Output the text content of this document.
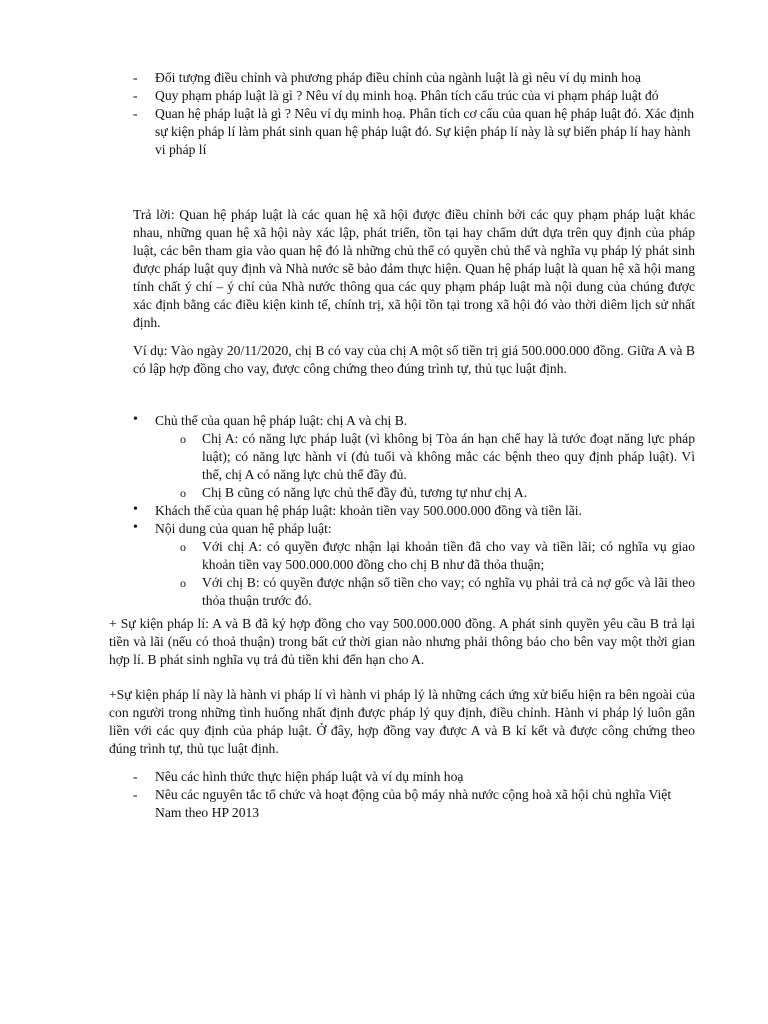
- Đối tượng điều chỉnh và phương pháp điều chỉnh của ngành luật là gì nêu ví dụ minh hoạ
- Quy phạm pháp luật là gì ? Nêu ví dụ minh hoạ. Phân tích cấu trúc của vi phạm pháp luật đó
- Quan hệ pháp luật là gì ? Nêu ví dụ minh hoạ. Phân tích cơ cấu của quan hệ pháp luật đó. Xác định sự kiện pháp lí làm phát sinh quan hệ pháp luật đó. Sự kiện pháp lí này là sự biến pháp lí hay hành vi pháp lí

Trả lời: Quan hệ pháp luật là các quan hệ xã hội được điều chỉnh bởi các quy phạm pháp luật khác nhau, những quan hệ xã hội này xác lập, phát triển, tồn tại hay chấm dứt dựa trên quy định của pháp luật, các bên tham gia vào quan hệ đó là những chủ thể có quyền chủ thể và nghĩa vụ pháp lý phát sinh được pháp luật quy định và Nhà nước sẽ bảo đảm thực hiện. Quan hệ pháp luật là quan hệ xã hội mang tính chất ý chí – ý chí của Nhà nước thông qua các quy phạm pháp luật mà nội dung của chúng được xác định bằng các điều kiện kinh tế, chính trị, xã hội tồn tại trong xã hội đó vào thời diêm lịch sử nhất định.

Ví dụ: Vào ngày 20/11/2020, chị B có vay của chị A một số tiền trị giá 500.000.000 đồng. Giữa A và B có lập hợp đồng cho vay, được công chứng theo đúng trình tự, thủ tục luật định.

• Chủ thể của quan hệ pháp luật: chị A và chị B.
o Chị A: có năng lực pháp luật (vì không bị Tòa án hạn chế hay là tước đoạt năng lực pháp luật); có năng lực hành vi (đủ tuổi và không mắc các bệnh theo quy định pháp luật). Vì thế, chị A có năng lực chủ thể đầy đủ.
o Chị B cũng có năng lực chủ thể đầy đủ, tương tự như chị A.
• Khách thể của quan hệ pháp luật: khoản tiền vay 500.000.000 đồng và tiền lãi.
• Nội dung của quan hệ pháp luật:
o Với chị A: có quyền được nhận lại khoản tiền đã cho vay và tiền lãi; có nghĩa vụ giao khoản tiền vay 500.000.000 đồng cho chị B như đã thỏa thuận;
o Với chị B: có quyền được nhận số tiền cho vay; có nghĩa vụ phải trả cả nợ gốc và lãi theo thỏa thuận trước đó.

+ Sự kiện pháp lí: A và B đã ký hợp đồng cho vay 500.000.000 đồng. A phát sinh quyền yêu cầu B trả lại tiền và lãi (nếu có thoả thuận) trong bất cứ thời gian nào nhưng phải thông báo cho bên vay một thời gian hợp lí. B phát sinh nghĩa vụ trả đủ tiền khi đến hạn cho A.

+Sự kiện pháp lí này là hành vi pháp lí vì hành vi pháp lý là những cách ứng xử biểu hiện ra bên ngoài của con người trong những tình huống nhất định được pháp lý quy định, điều chỉnh. Hành vi pháp lý luôn gắn liền với các quy định của pháp luật. Ở đây, hợp đồng vay được A và B kí kết và được công chứng theo đúng trình tự, thủ tục luật định.

- Nêu các hình thức thực hiện pháp luật và ví dụ minh hoạ
- Nêu các nguyên tắc tổ chức và hoạt động của bộ máy nhà nước cộng hoà xã hội chủ nghĩa Việt Nam theo HP 2013
